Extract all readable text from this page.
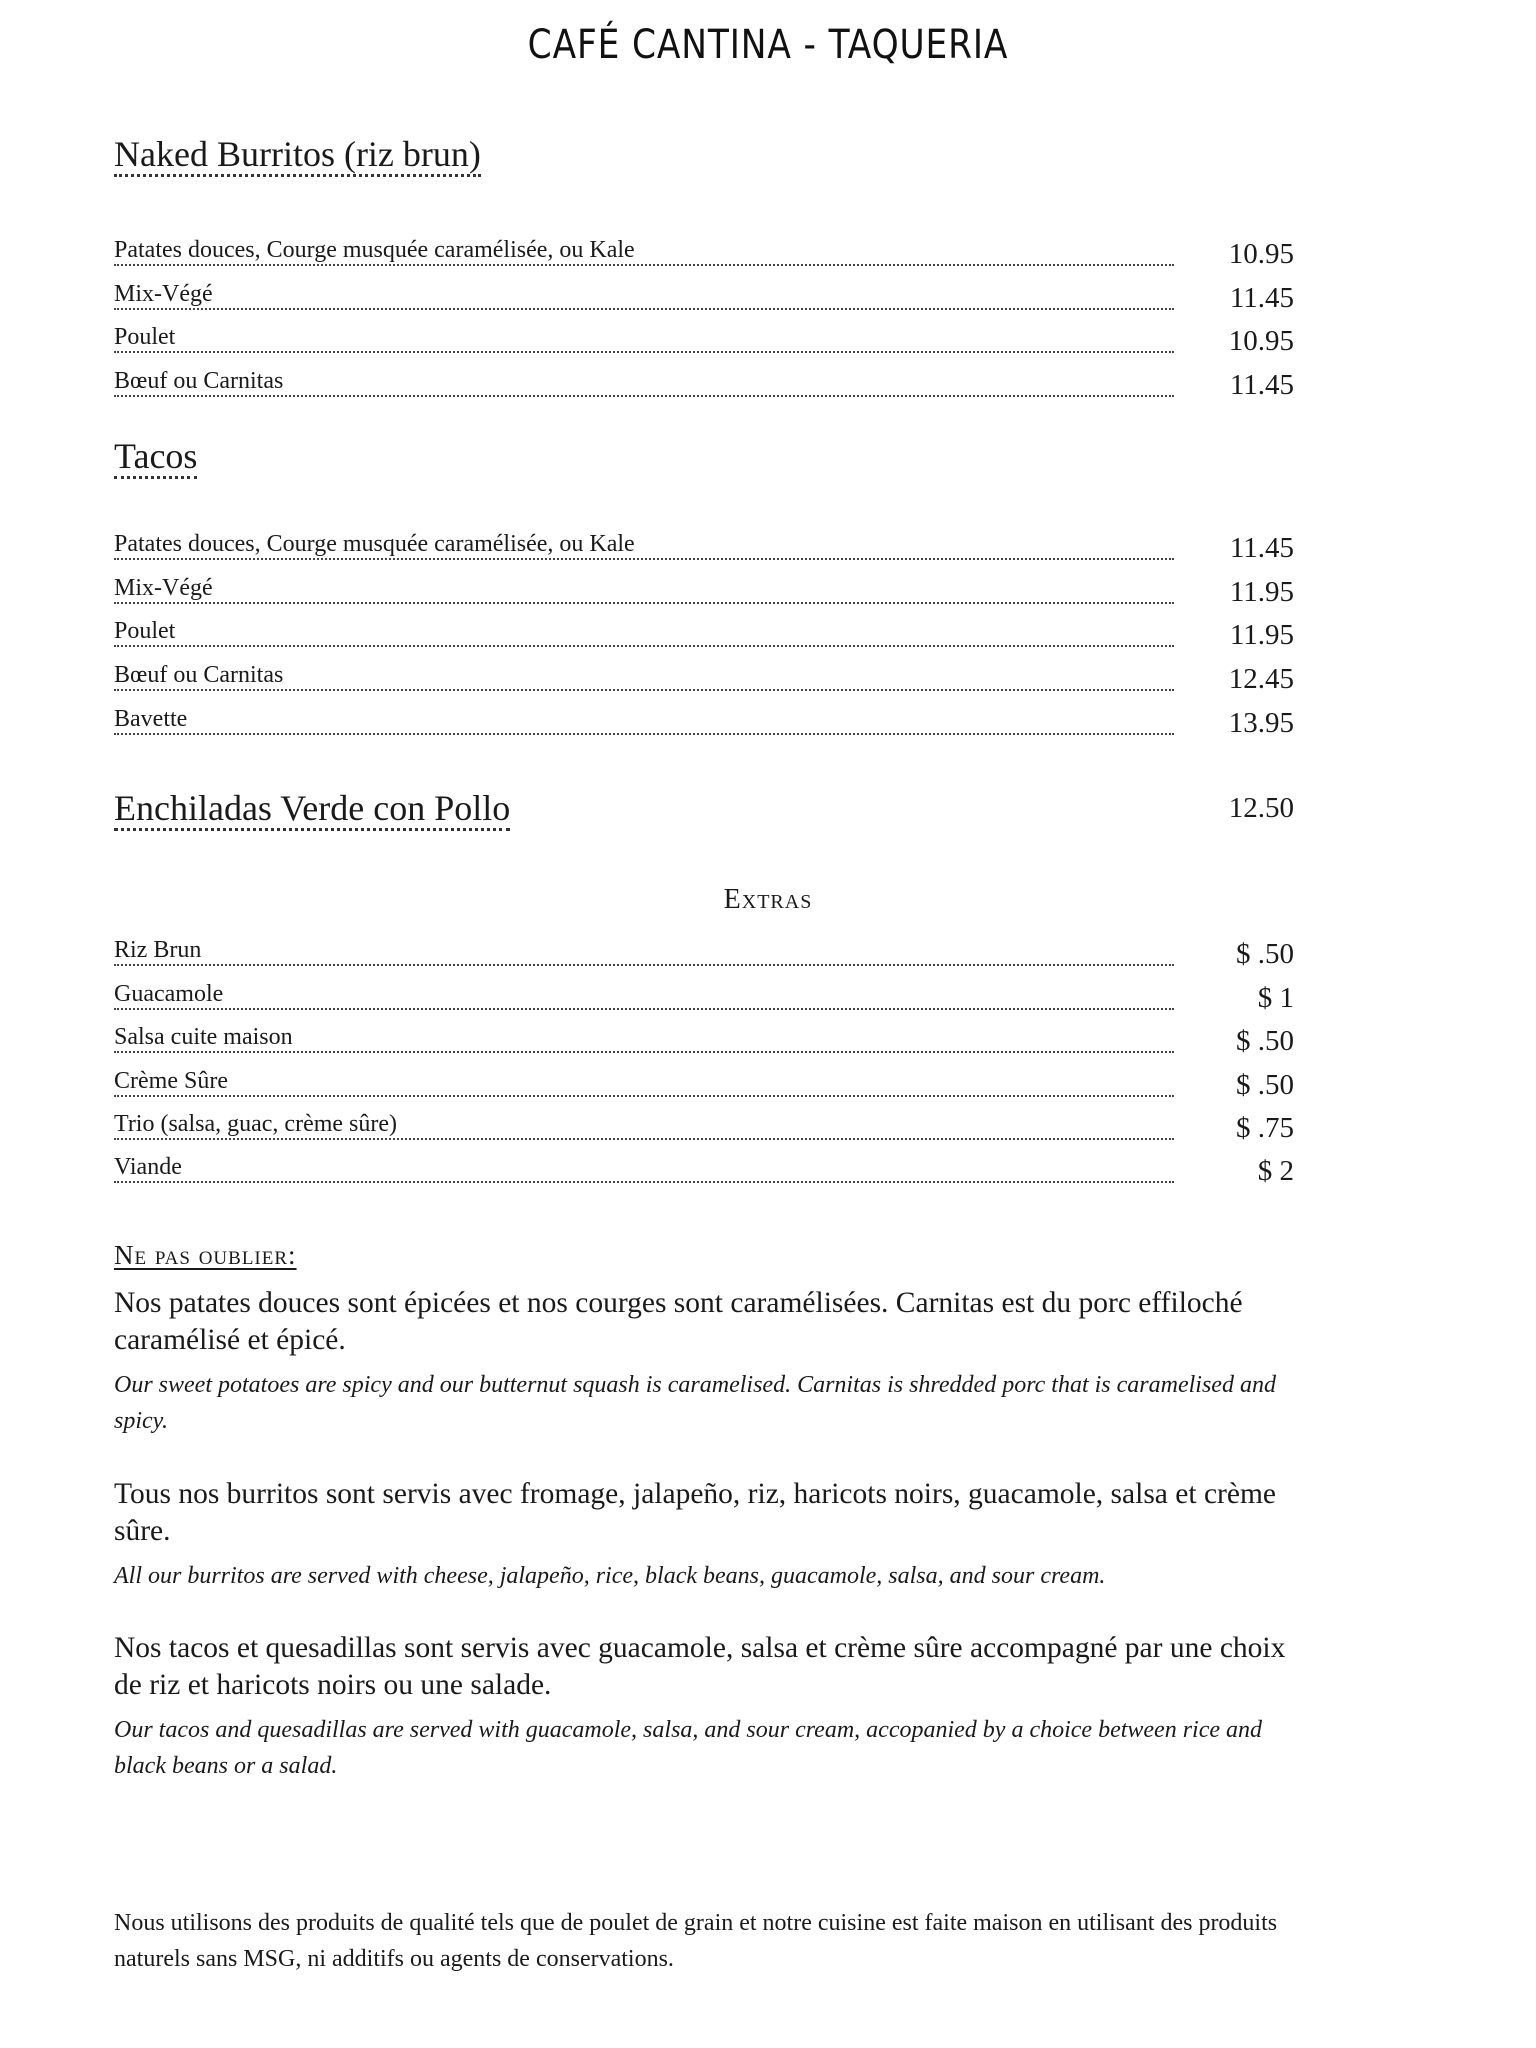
CAFÉ CANTINA - TAQUERIA
Naked Burritos (riz brun)
Patates douces, Courge musquée caramélisée, ou Kale	10.95
Mix-Végé	11.45
Poulet	10.95
Bœuf ou Carnitas	11.45
Tacos
Patates douces, Courge musquée caramélisée, ou Kale	11.45
Mix-Végé	11.95
Poulet	11.95
Bœuf ou Carnitas	12.45
Bavette	13.95
Enchiladas Verde con Pollo	12.50
Extras
Riz Brun	$ .50
Guacamole	$ 1
Salsa cuite maison	$ .50
Crème Sûre	$ .50
Trio (salsa, guac, crème sûre)	$ .75
Viande	$ 2
Ne pas oublier:
Nos patates douces sont épicées et nos courges sont caramélisées. Carnitas est du porc effiloché caramélisé et épicé.
Our sweet potatoes are spicy and our butternut squash is caramelised. Carnitas is shredded porc that is caramelised and spicy.
Tous nos burritos sont servis avec fromage, jalapeño, riz, haricots noirs, guacamole, salsa et crème sûre.
All our burritos are served with cheese, jalapeño, rice, black beans, guacamole, salsa, and sour cream.
Nos tacos et quesadillas sont servis avec guacamole, salsa et crème sûre accompagné par une choix de riz et haricots noirs ou une salade.
Our tacos and quesadillas are served with guacamole, salsa, and sour cream, accopanied by a choice between rice and black beans or a salad.
Nous utilisons des produits de qualité tels que de poulet de grain et notre cuisine est faite maison en utilisant des produits naturels sans MSG, ni additifs ou agents de conservations.
